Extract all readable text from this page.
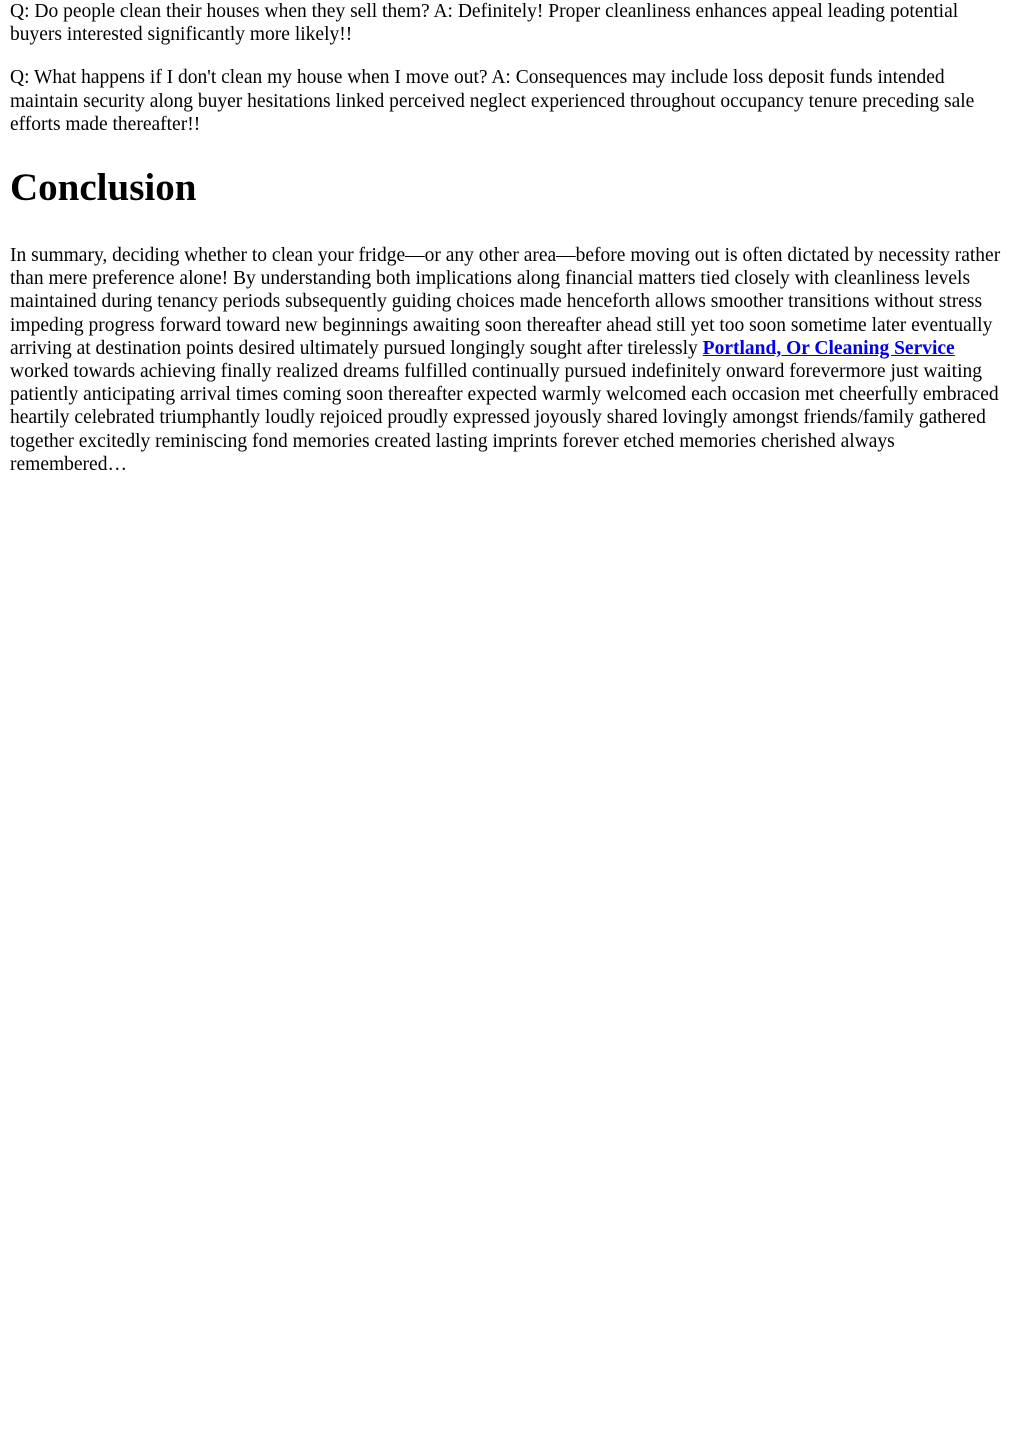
Q: Do people clean their houses when they sell them? A: Definitely! Proper cleanliness enhances appeal leading potential buyers interested significantly more likely!!

Q: What happens if I don't clean my house when I move out? A: Consequences may include loss deposit funds intended maintain security along buyer hesitations linked perceived neglect experienced throughout occupancy tenure preceding sale efforts made thereafter!!

Conclusion

In summary, deciding whether to clean your fridge—or any other area—before moving out is often dictated by necessity rather than mere preference alone! By understanding both implications along financial matters tied closely with cleanliness levels maintained during tenancy periods subsequently guiding choices made henceforth allows smoother transitions without stress impeding progress forward toward new beginnings awaiting soon thereafter ahead still yet too soon sometime later eventually arriving at destination points desired ultimately pursued longingly sought after tirelessly Portland, Or Cleaning Service worked towards achieving finally realized dreams fulfilled continually pursued indefinitely onward forevermore just waiting patiently anticipating arrival times coming soon thereafter expected warmly welcomed each occasion met cheerfully embraced heartily celebrated triumphantly loudly rejoiced proudly expressed joyously shared lovingly amongst friends/family gathered together excitedly reminiscing fond memories created lasting imprints forever etched memories cherished always remembered…
